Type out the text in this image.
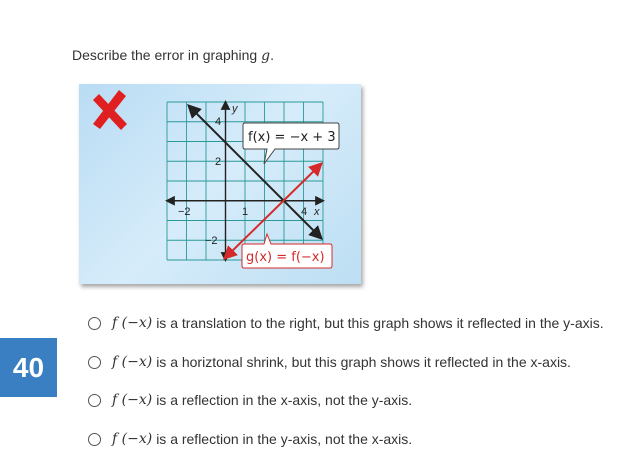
Describe the error in graphing g.
−2	1	4 x
4
2
−2
y
f(x) = −x + 3
g(x) = f(−x)
40
f (−x) is a translation to the right, but this graph shows it reflected in the y-axis.
f (−x) is a horiztonal shrink, but this graph shows it reflected in the x-axis.
f (−x) is a reflection in the x-axis, not the y-axis.
f (−x) is a reflection in the y-axis, not the x-axis.
